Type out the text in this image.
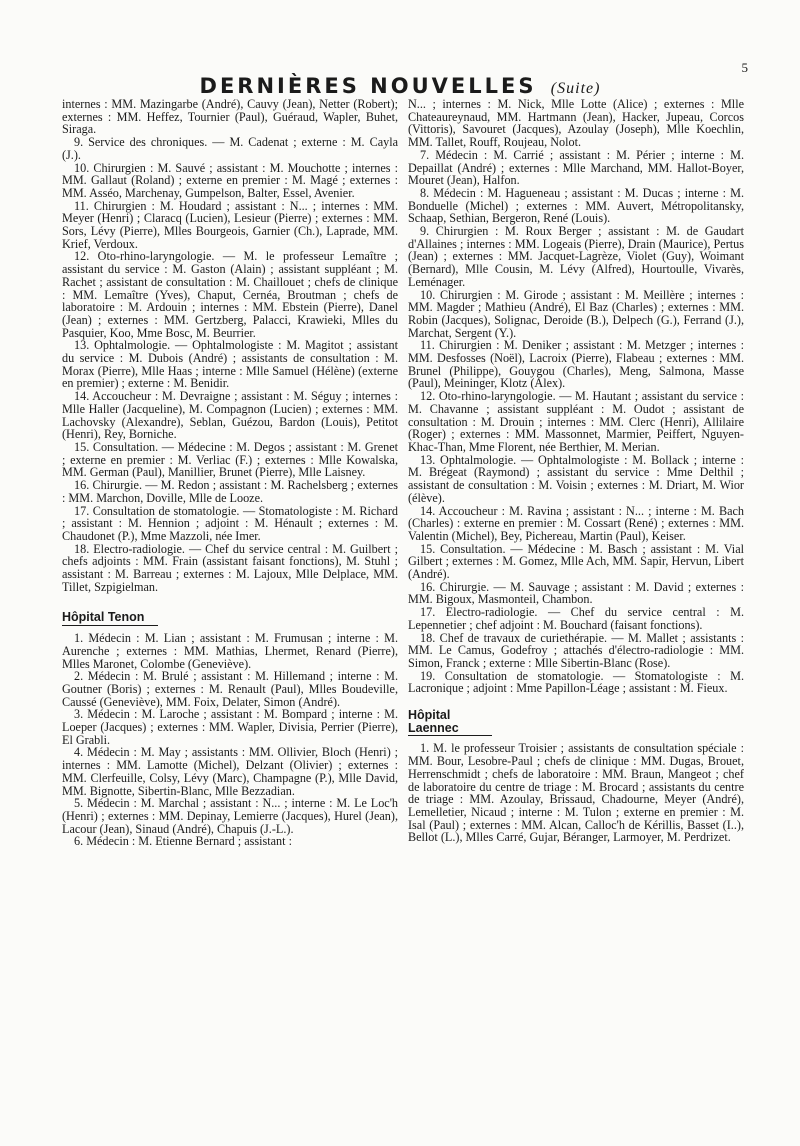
5
DERNIÈRES NOUVELLES (Suite)

internes : MM. Mazingarbe (André), Cauvy (Jean), Netter (Robert); externes : MM. Heffez, Tournier (Paul), Guéraud, Wapler, Buhet, Siraga.

9. Service des chroniques. — M. Cadenat ; externe : M. Cayla (J.).

10. Chirurgien : M. Sauvé ; assistant : M. Mouchotte ; internes : MM. Gallaut (Roland) ; externe en premier : M. Magé ; externes : MM. Asséo, Marchenay, Gumpelson, Balter, Essel, Avenier.

11. Chirurgien : M. Houdard ; assistant : N... ; internes : MM. Meyer (Henri) ; Claracq (Lucien), Lesieur (Pierre) ; externes : MM. Sors, Lévy (Pierre), Mlles Bourgeois, Garnier (Ch.), Laprade, MM. Krief, Verdoux.

12. Oto-rhino-laryngologie. — M. le professeur Lemaître ; assistant du service : M. Gaston (Alain) ; assistant suppléant ; M. Rachet ; assistant de consultation : M. Chaillouet ; chefs de clinique : MM. Lemaître (Yves), Chaput, Cernéa, Broutman ; chefs de laboratoire : M. Ardouin ; internes : MM. Ebstein (Pierre), Danel (Jean) ; externes : MM. Gertzberg, Palacci, Krawieki, Mlles du Pasquier, Koo, Mme Bosc, M. Beurrier.

13. Ophtalmologie. — Ophtalmologiste : M. Magitot ; assistant du service : M. Dubois (André) ; assistants de consultation : M. Morax (Pierre), Mlle Haas ; interne : Mlle Samuel (Hélène) (externe en premier) ; externe : M. Benidir.

14. Accoucheur : M. Devraigne ; assistant : M. Séguy ; internes : Mlle Haller (Jacqueline), M. Compagnon (Lucien) ; externes : MM. Lachovsky (Alexandre), Seblan, Guézou, Bardon (Louis), Petitot (Henri), Rey, Borniche.

15. Consultation. — Médecine : M. Degos ; assistant : M. Grenet ; externe en premier : M. Verliac (F.) ; externes : Mlle Kowalska, MM. German (Paul), Manillier, Brunet (Pierre), Mlle Laisney.

16. Chirurgie. — M. Redon ; assistant : M. Rachelsberg ; externes : MM. Marchon, Doville, Mlle de Looze.

17. Consultation de stomatologie. — Stomatologiste : M. Richard ; assistant : M. Hennion ; adjoint : M. Hénault ; externes : M. Chaudonet (P.), Mme Mazzoli, née Imer.

18. Electro-radiologie. — Chef du service central : M. Guilbert ; chefs adjoints : MM. Frain (assistant faisant fonctions), M. Stuhl ; assistant : M. Barreau ; externes : M. Lajoux, Mlle Delplace, MM. Tillet, Szpigielman.

Hôpital Tenon

1. Médecin : M. Lian ; assistant : M. Frumusan ; interne : M. Aurenche ; externes : MM. Mathias, Lhermet, Renard (Pierre), Mlles Maronet, Colombe (Geneviève).

2. Médecin : M. Brulé ; assistant : M. Hillemand ; interne : M. Goutner (Boris) ; externes : M. Renault (Paul), Mlles Boudeville, Caussé (Geneviève), MM. Foix, Delater, Simon (André).

3. Médecin : M. Laroche ; assistant : M. Bompard ; interne : M. Loeper (Jacques) ; externes : MM. Wapler, Divisia, Perrier (Pierre), El Grabli.

4. Médecin : M. May ; assistants : MM. Ollivier, Bloch (Henri) ; internes : MM. Lamotte (Michel), Delzant (Olivier) ; externes : MM. Clerfeuille, Colsy, Lévy (Marc), Champagne (P.), Mlle David, MM. Bignotte, Sibertin-Blanc, Mlle Bezzadian.

5. Médecin : M. Marchal ; assistant : N... ; interne : M. Le Loc'h (Henri) ; externes : MM. Depinay, Lemierre (Jacques), Hurel (Jean), Lacour (Jean), Sinaud (André), Chapuis (J.-L.).

6. Médecin : M. Etienne Bernard ; assistant :

N... ; internes : M. Nick, Mlle Lotte (Alice) ; externes : Mlle Chateaureynaud, MM. Hartmann (Jean), Hacker, Jupeau, Corcos (Vittoris), Savouret (Jacques), Azoulay (Joseph), Mlle Koechlin, MM. Tallet, Rouff, Roujeau, Nolot.

7. Médecin : M. Carrié ; assistant : M. Périer ; interne : M. Depaillat (André) ; externes : Mlle Marchand, MM. Hallot-Boyer, Mouret (Jean), Halfon.

8. Médecin : M. Hagueneau ; assistant : M. Ducas ; interne : M. Bonduelle (Michel) ; externes : MM. Auvert, Métropolitansky, Schaap, Sethian, Bergeron, René (Louis).

9. Chirurgien : M. Roux Berger ; assistant : M. de Gaudart d'Allaines ; internes : MM. Logeais (Pierre), Drain (Maurice), Pertus (Jean) ; externes : MM. Jacquet-Lagrèze, Violet (Guy), Woimant (Bernard), Mlle Cousin, M. Lévy (Alfred), Hourtoulle, Vivarès, Leménager.

10. Chirurgien : M. Girode ; assistant : M. Meillère ; internes : MM. Magder ; Mathieu (André), El Baz (Charles) ; externes : MM. Robin (Jacques), Solignac, Deroide (B.), Delpech (G.), Ferrand (J.), Marchat, Sergent (Y.).

11. Chirurgien : M. Deniker ; assistant : M. Metzger ; internes : MM. Desfosses (Noël), Lacroix (Pierre), Flabeau ; externes : MM. Brunel (Philippe), Gouygou (Charles), Meng, Salmona, Masse (Paul), Meininger, Klotz (Alex).

12. Oto-rhino-laryngologie. — M. Hautant ; assistant du service : M. Chavanne ; assistant suppléant : M. Oudot ; assistant de consultation : M. Drouin ; internes : MM. Clerc (Henri), Allilaire (Roger) ; externes : MM. Massonnet, Marmier, Peiffert, Nguyen-Khac-Than, Mme Florent, née Berthier, M. Merian.

13. Ophtalmologie. — Ophtalmologiste : M. Bollack ; interne : M. Brégeat (Raymond) ; assistant du service : Mme Delthil ; assistant de consultation : M. Voisin ; externes : M. Driart, M. Wior (élève).

14. Accoucheur : M. Ravina ; assistant : N... ; interne : M. Bach (Charles) : externe en premier : M. Cossart (René) ; externes : MM. Valentin (Michel), Bey, Pichereau, Martin (Paul), Keiser.

15. Consultation. — Médecine : M. Basch ; assistant : M. Vial Gilbert ; externes : M. Gomez, Mlle Ach, MM. Sapir, Hervun, Libert (André).

16. Chirurgie. — M. Sauvage ; assistant : M. David ; externes : MM. Bigoux, Masmonteil, Chambon.

17. Electro-radiologie. — Chef du service central : M. Lepennetier ; chef adjoint : M. Bouchard (faisant fonctions).

18. Chef de travaux de curiethérapie. — M. Mallet ; assistants : MM. Le Camus, Godefroy ; attachés d'électro-radiologie : MM. Simon, Franck ; externe : Mlle Sibertin-Blanc (Rose).

19. Consultation de stomatologie. — Stomatologiste : M. Lacronique ; adjoint : Mme Papillon-Léage ; assistant : M. Fieux.

Hôpital Laennec

1. M. le professeur Troisier ; assistants de consultation spéciale : MM. Bour, Lesobre-Paul ; chefs de clinique : MM. Dugas, Brouet, Herrenschmidt ; chefs de laboratoire : MM. Braun, Mangeot ; chef de laboratoire du centre de triage : M. Brocard ; assistants du centre de triage : MM. Azoulay, Brissaud, Chadourne, Meyer (André), Lemelletier, Nicaud ; interne : M. Tulon ; externe en premier : M. Isal (Paul) ; externes : MM. Alcan, Calloc'h de Kérillis, Basset (I..), Bellot (L.), Mlles Carré, Gujar, Béranger, Larmoyer, M. Perdrizet.
